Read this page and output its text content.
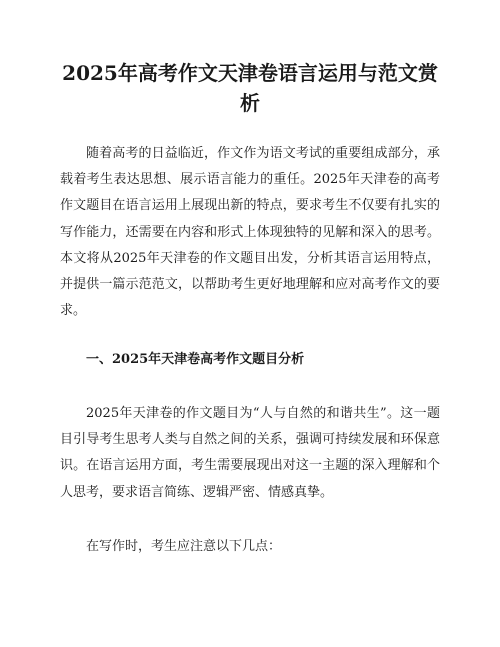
2025年高考作文天津卷语言运用与范文赏析

随着高考的日益临近，作文作为语文考试的重要组成部分，承载着考生表达思想、展示语言能力的重任。2025年天津卷的高考作文题目在语言运用上展现出新的特点，要求考生不仅要有扎实的写作能力，还需要在内容和形式上体现独特的见解和深入的思考。本文将从2025年天津卷的作文题目出发，分析其语言运用特点，并提供一篇示范范文，以帮助考生更好地理解和应对高考作文的要求。

一、2025年天津卷高考作文题目分析

2025年天津卷的作文题目为“人与自然的和谐共生”。这一题目引导考生思考人类与自然之间的关系，强调可持续发展和环保意识。在语言运用方面，考生需要展现出对这一主题的深入理解和个人思考，要求语言简练、逻辑严密、情感真挚。

在写作时，考生应注意以下几点：
